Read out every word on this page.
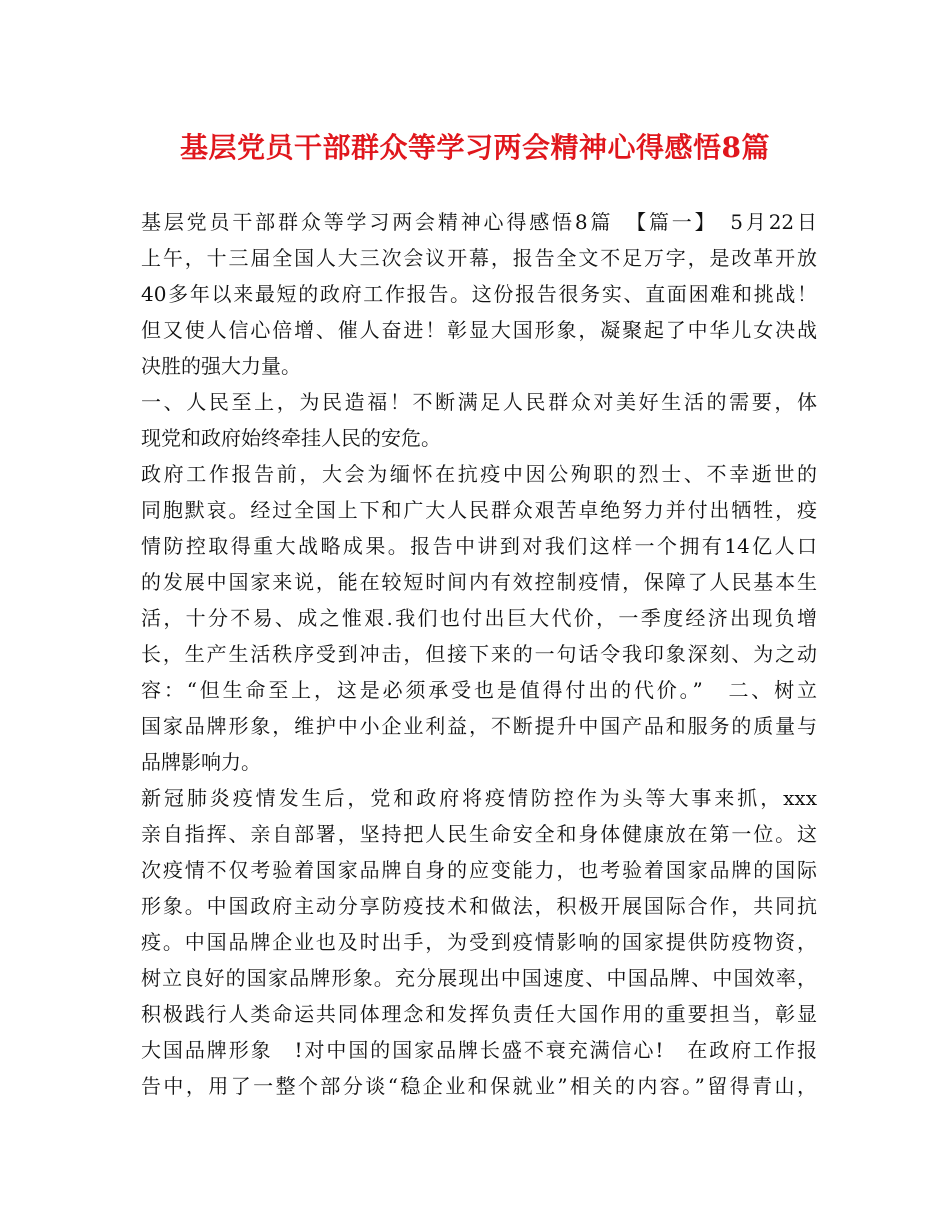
基层党员干部群众等学习两会精神心得感悟8篇
基层党员干部群众等学习两会精神心得感悟8篇　【篇一】　5月22日
上午，十三届全国人大三次会议开幕，报告全文不足万字，是改革开放
40多年以来最短的政府工作报告。这份报告很务实、直面困难和挑战！
但又使人信心倍增、催人奋进！彰显大国形象，凝聚起了中华儿女决战
决胜的强大力量。
一、人民至上，为民造福！不断满足人民群众对美好生活的需要，体
现党和政府始终牵挂人民的安危。
政府工作报告前，大会为缅怀在抗疫中因公殉职的烈士、不幸逝世的
同胞默哀。经过全国上下和广大人民群众艰苦卓绝努力并付出牺牲，疫
情防控取得重大战略成果。报告中讲到对我们这样一个拥有14亿人口
的发展中国家来说，能在较短时间内有效控制疫情，保障了人民基本生
活，十分不易、成之惟艰.我们也付出巨大代价，一季度经济出现负增
长，生产生活秩序受到冲击，但接下来的一句话令我印象深刻、为之动
容：“但生命至上，这是必须承受也是值得付出的代价。”　二、树立
国家品牌形象，维护中小企业利益，不断提升中国产品和服务的质量与
品牌影响力。
新冠肺炎疫情发生后，党和政府将疫情防控作为头等大事来抓，xxx
亲自指挥、亲自部署，坚持把人民生命安全和身体健康放在第一位。这
次疫情不仅考验着国家品牌自身的应变能力，也考验着国家品牌的国际
形象。中国政府主动分享防疫技术和做法，积极开展国际合作，共同抗
疫。中国品牌企业也及时出手，为受到疫情影响的国家提供防疫物资，
树立良好的国家品牌形象。充分展现出中国速度、中国品牌、中国效率，
积极践行人类命运共同体理念和发挥负责任大国作用的重要担当，彰显
大国品牌形象　!对中国的国家品牌长盛不衰充满信心!　在政府工作报
告中，用了一整个部分谈“稳企业和保就业”相关的内容。”留得青山，
